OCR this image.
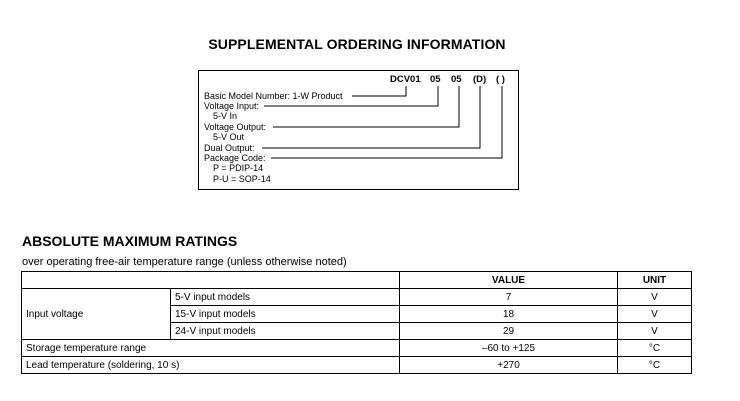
SUPPLEMENTAL ORDERING INFORMATION
DCV01 05 05 (D) ( )
Basic Model Number: 1-W Product
Voltage Input:
5-V In
Voltage Output:
5-V Out
Dual Output:
Package Code:
P = PDIP-14
P-U = SOP-14
ABSOLUTE MAXIMUM RATINGS
over operating free-air temperature range (unless otherwise noted)
		VALUE	UNIT
Input voltage	5-V input models	7	V
	15-V input models	18	V
	24-V input models	29	V
Storage temperature range		–60 to +125	°C
Lead temperature (soldering, 10 s)		+270	°C
